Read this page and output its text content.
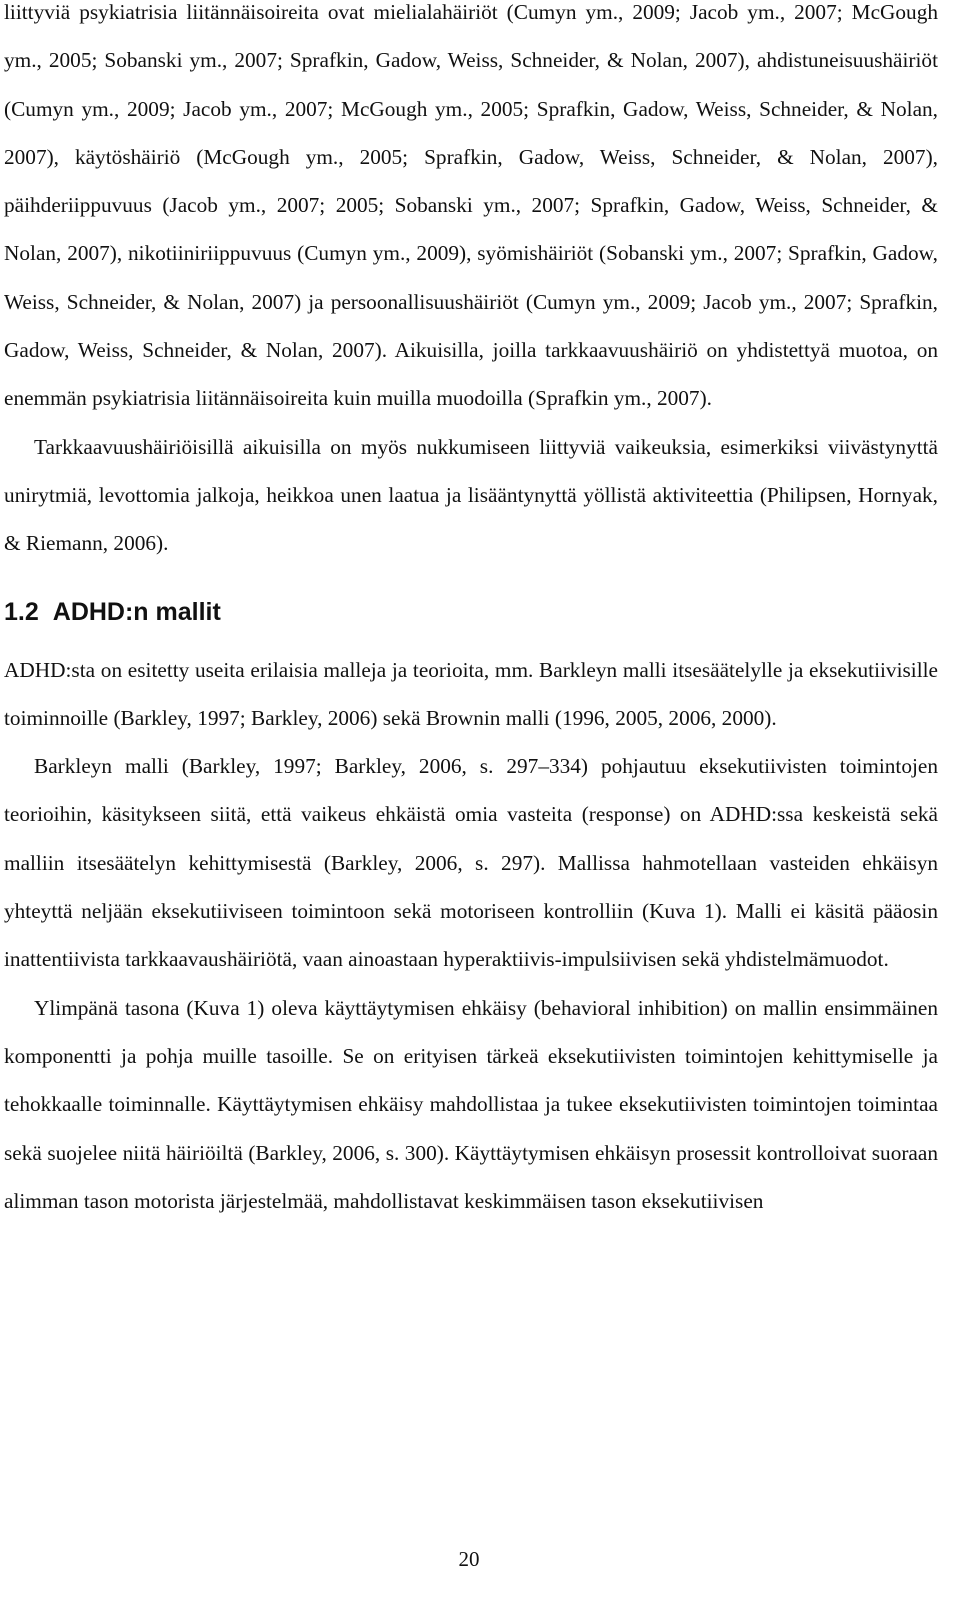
liittyviä psykiatrisia liitännäisoireita ovat mielialahäiriöt (Cumyn ym., 2009; Jacob ym., 2007; McGough ym., 2005; Sobanski ym., 2007; Sprafkin, Gadow, Weiss, Schneider, & Nolan, 2007), ahdistuneisuushäiriöt (Cumyn ym., 2009; Jacob ym., 2007; McGough ym., 2005; Sprafkin, Gadow, Weiss, Schneider, & Nolan, 2007), käytöshäiriö (McGough ym., 2005; Sprafkin, Gadow, Weiss, Schneider, & Nolan, 2007), päihderiippuvuus (Jacob ym., 2007; 2005; Sobanski ym., 2007; Sprafkin, Gadow, Weiss, Schneider, & Nolan, 2007), nikotiiniriippuvuus (Cumyn ym., 2009), syömishäiriöt (Sobanski ym., 2007; Sprafkin, Gadow, Weiss, Schneider, & Nolan, 2007) ja persoonallisuushäiriöt (Cumyn ym., 2009; Jacob ym., 2007; Sprafkin, Gadow, Weiss, Schneider, & Nolan, 2007). Aikuisilla, joilla tarkkaavuushäiriö on yhdistettyä muotoa, on enemmän psykiatrisia liitännäisoireita kuin muilla muodoilla (Sprafkin ym., 2007).

Tarkkaavuushäiriöisillä aikuisilla on myös nukkumiseen liittyviä vaikeuksia, esimerkiksi viivästynyttä unirytmiä, levottomia jalkoja, heikkoa unen laatua ja lisääntynyttä yöllistä aktiviteettia (Philipsen, Hornyak, & Riemann, 2006).

1.2 ADHD:n mallit

ADHD:sta on esitetty useita erilaisia malleja ja teorioita, mm. Barkleyn malli itsesäätelylle ja eksekutiivisille toiminnoille (Barkley, 1997; Barkley, 2006) sekä Brownin malli (1996, 2005, 2006, 2000).

Barkleyn malli (Barkley, 1997; Barkley, 2006, s. 297–334) pohjautuu eksekutiivisten toimintojen teorioihin, käsitykseen siitä, että vaikeus ehkäistä omia vasteita (response) on ADHD:ssa keskeistä sekä malliin itsesäätelyn kehittymisestä (Barkley, 2006, s. 297). Mallissa hahmotellaan vasteiden ehkäisyn yhteyttä neljään eksekutiiviseen toimintoon sekä motoriseen kontrolliin (Kuva 1). Malli ei käsitä pääosin inattentiivista tarkkaavaushäiriötä, vaan ainoastaan hyperaktiivis-impulsiivisen sekä yhdistelmämuodot.

Ylimpänä tasona (Kuva 1) oleva käyttäytymisen ehkäisy (behavioral inhibition) on mallin ensimmäinen komponentti ja pohja muille tasoille. Se on erityisen tärkeä eksekutiivisten toimintojen kehittymiselle ja tehokkaalle toiminnalle. Käyttäytymisen ehkäisy mahdollistaa ja tukee eksekutiivisten toimintojen toimintaa sekä suojelee niitä häiriöiltä (Barkley, 2006, s. 300). Käyttäytymisen ehkäisyn prosessit kontrolloivat suoraan alimman tason motorista järjestelmää, mahdollistavat keskimmäisen tason eksekutiivisen

20
